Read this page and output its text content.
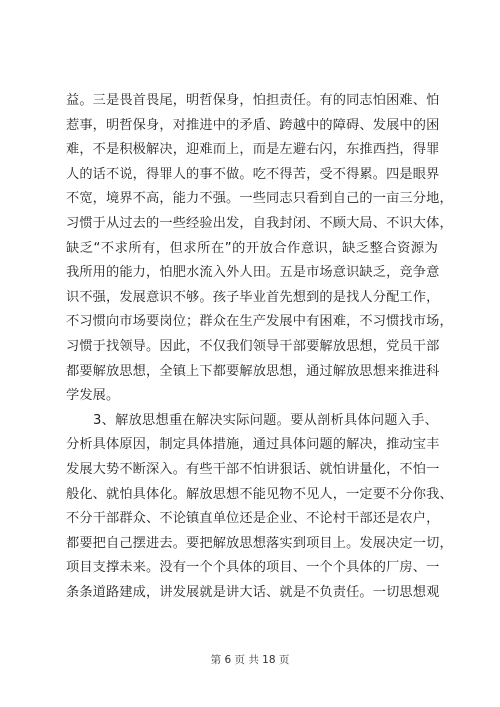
益。三是畏首畏尾，明哲保身，怕担责任。有的同志怕困难、怕
惹事，明哲保身，对推进中的矛盾、跨越中的障碍、发展中的困
难，不是积极解决，迎难而上，而是左避右闪，东推西挡，得罪
人的话不说，得罪人的事不做。吃不得苦，受不得累。四是眼界
不宽，境界不高，能力不强。一些同志只看到自己的一亩三分地，
习惯于从过去的一些经验出发，自我封闭、不顾大局、不识大体，
缺乏“不求所有，但求所在”的开放合作意识，缺乏整合资源为
我所用的能力，怕肥水流入外人田。五是市场意识缺乏，竞争意
识不强，发展意识不够。孩子毕业首先想到的是找人分配工作，
不习惯向市场要岗位；群众在生产发展中有困难，不习惯找市场，
习惯于找领导。因此，不仅我们领导干部要解放思想，党员干部
都要解放思想，全镇上下都要解放思想，通过解放思想来推进科
学发展。
3、解放思想重在解决实际问题。要从剖析具体问题入手、
分析具体原因，制定具体措施，通过具体问题的解决，推动宝丰
发展大势不断深入。有些干部不怕讲狠话、就怕讲量化，不怕一
般化、就怕具体化。解放思想不能见物不见人，一定要不分你我、
不分干部群众、不论镇直单位还是企业、不论村干部还是农户，
都要把自己摆进去。要把解放思想落实到项目上。发展决定一切，
项目支撑未来。没有一个个具体的项目、一个个具体的厂房、一
条条道路建成，讲发展就是讲大话、就是不负责任。一切思想观
第 6 页 共 18 页
